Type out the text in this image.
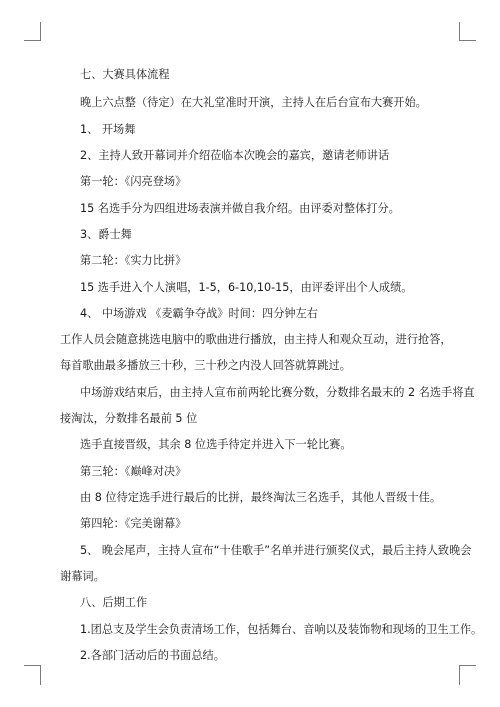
七、大赛具体流程
晚上六点整（待定）在大礼堂准时开演，主持人在后台宣布大赛开始。
1、 开场舞
2、主持人致开幕词并介绍莅临本次晚会的嘉宾，邀请老师讲话
第一轮：《闪亮登场》
15 名选手分为四组进场表演并做自我介绍。由评委对整体打分。
3、爵士舞
第二轮：《实力比拼》
15 选手进入个人演唱，1-5，6-10,10-15，由评委评出个人成绩。
4、 中场游戏 《麦霸争夺战》时间：四分钟左右
工作人员会随意挑选电脑中的歌曲进行播放，由主持人和观众互动，进行抢答，
每首歌曲最多播放三十秒，三十秒之内没人回答就算跳过。
中场游戏结束后，由主持人宣布前两轮比赛分数，分数排名最末的 2 名选手将直
接淘汰，分数排名最前 5 位
选手直接晋级，其余 8 位选手待定并进入下一轮比赛。
第三轮：《巅峰对决》
由 8 位待定选手进行最后的比拼，最终淘汰三名选手，其他人晋级十佳。
第四轮：《完美谢幕》
5、 晚会尾声，主持人宣布“十佳歌手”名单并进行颁奖仪式，最后主持人致晚会
谢幕词。
八、后期工作
1.团总支及学生会负责清场工作，包括舞台、音响以及装饰物和现场的卫生工作。
2.各部门活动后的书面总结。
